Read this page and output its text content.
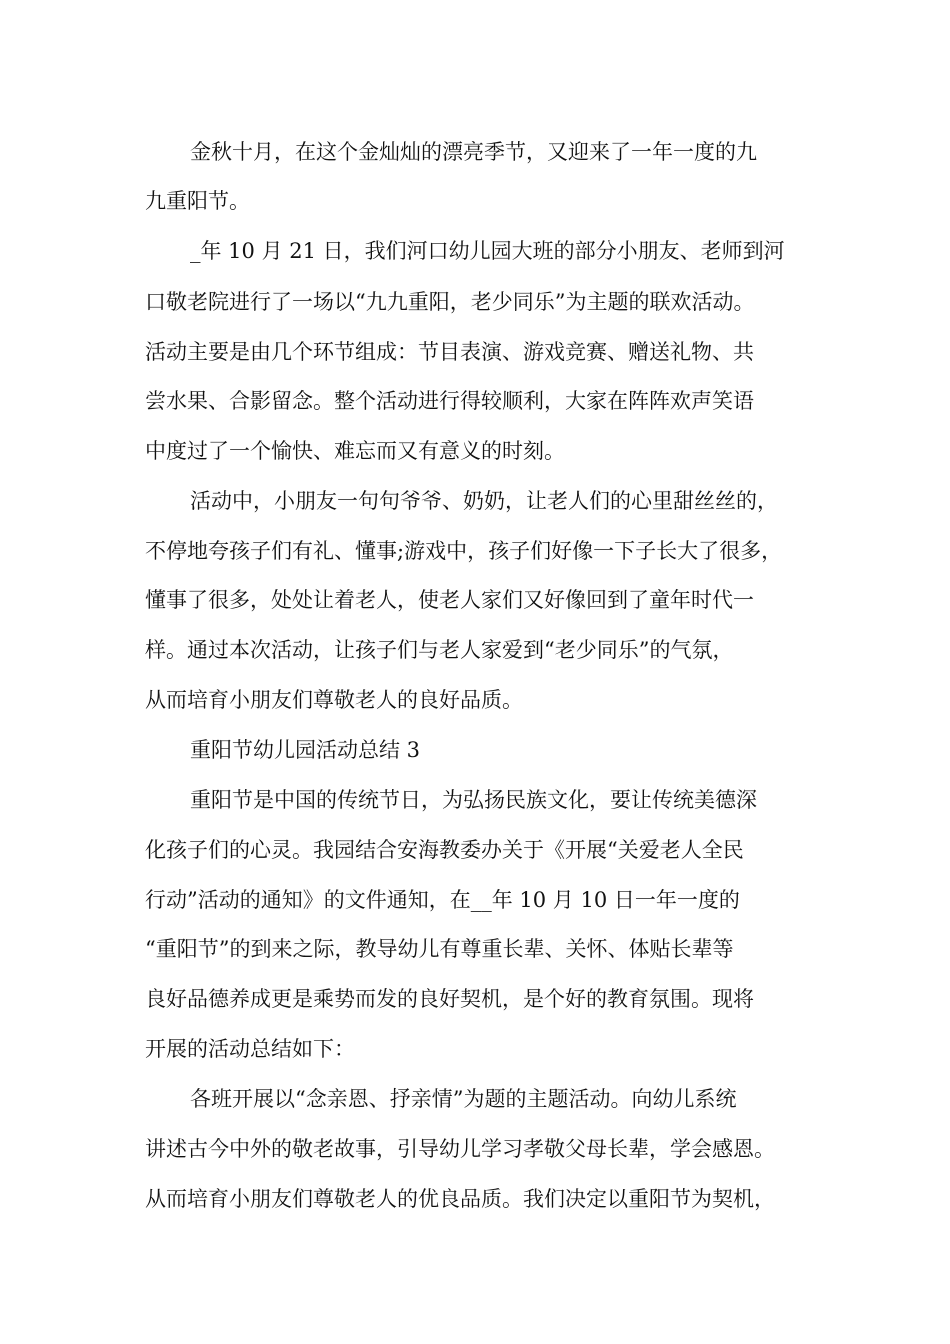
金秋十月，在这个金灿灿的漂亮季节，又迎来了一年一度的九
九重阳节。
_年 10 月 21 日，我们河口幼儿园大班的部分小朋友、老师到河
口敬老院进行了一场以“九九重阳，老少同乐”为主题的联欢活动。
活动主要是由几个环节组成：节目表演、游戏竞赛、赠送礼物、共
尝水果、合影留念。整个活动进行得较顺利，大家在阵阵欢声笑语
中度过了一个愉快、难忘而又有意义的时刻。
活动中，小朋友一句句爷爷、奶奶，让老人们的心里甜丝丝的，
不停地夸孩子们有礼、懂事;游戏中，孩子们好像一下子长大了很多，
懂事了很多，处处让着老人，使老人家们又好像回到了童年时代一
样。通过本次活动，让孩子们与老人家爱到“老少同乐”的气氛，
从而培育小朋友们尊敬老人的良好品质。
重阳节幼儿园活动总结 3
重阳节是中国的传统节日，为弘扬民族文化，要让传统美德深
化孩子们的心灵。我园结合安海教委办关于《开展“关爱老人全民
行动”活动的通知》的文件通知，在__年 10 月 10 日一年一度的
“重阳节”的到来之际，教导幼儿有尊重长辈、关怀、体贴长辈等
良好品德养成更是乘势而发的良好契机，是个好的教育氛围。现将
开展的活动总结如下：
各班开展以“念亲恩、抒亲情”为题的主题活动。向幼儿系统
讲述古今中外的敬老故事，引导幼儿学习孝敬父母长辈，学会感恩。
从而培育小朋友们尊敬老人的优良品质。我们决定以重阳节为契机，
